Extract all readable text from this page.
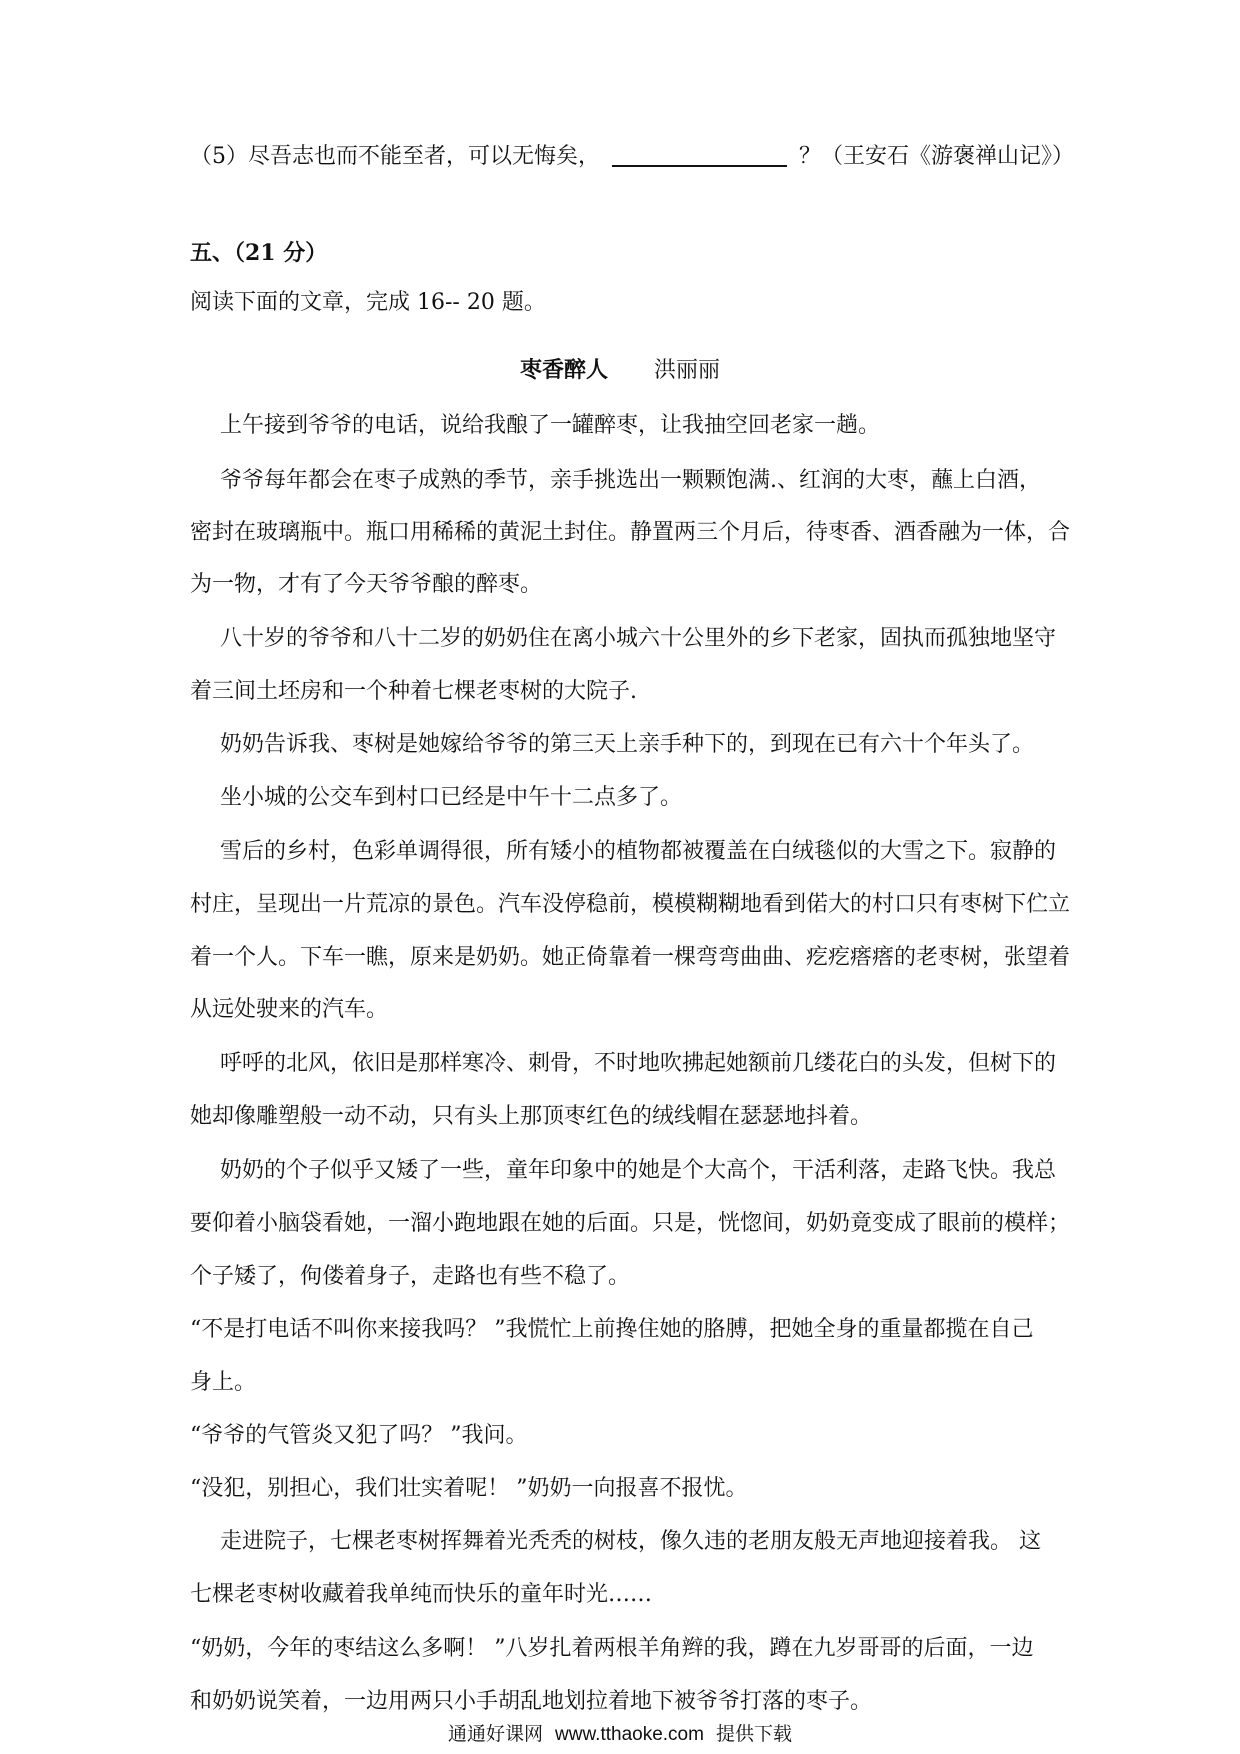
（5）尽吾志也而不能至者，可以无悔矣，	？（王安石《游褒禅山记》）
五、（21 分）
阅读下面的文章，完成 16-- 20 题。
枣香醉人 洪丽丽
上午接到爷爷的电话，说给我酿了一罐醉枣，让我抽空回老家一趟。
爷爷每年都会在枣子成熟的季节，亲手挑选出一颗颗饱满.、红润的大枣，蘸上白酒，
密封在玻璃瓶中。瓶口用稀稀的黄泥土封住。静置两三个月后，待枣香、酒香融为一体，合
为一物，才有了今天爷爷酿的醉枣。
八十岁的爷爷和八十二岁的奶奶住在离小城六十公里外的乡下老家，固执而孤独地坚守
着三间土坯房和一个种着七棵老枣树的大院子.
奶奶告诉我、枣树是她嫁给爷爷的第三天上亲手种下的，到现在已有六十个年头了。
坐小城的公交车到村口已经是中午十二点多了。
雪后的乡村，色彩单调得很，所有矮小的植物都被覆盖在白绒毯似的大雪之下。寂静的
村庄，呈现出一片荒凉的景色。汽车没停稳前，模模糊糊地看到偌大的村口只有枣树下伫立
着一个人。下车一瞧，原来是奶奶。她正倚靠着一棵弯弯曲曲、疙疙瘩瘩的老枣树，张望着
从远处驶来的汽车。
呼呼的北风，依旧是那样寒冷、刺骨，不时地吹拂起她额前几缕花白的头发，但树下的
她却像雕塑般一动不动，只有头上那顶枣红色的绒线帽在瑟瑟地抖着。
奶奶的个子似乎又矮了一些，童年印象中的她是个大高个，干活利落，走路飞快。我总
要仰着小脑袋看她，一溜小跑地跟在她的后面。只是，恍惚间，奶奶竟变成了眼前的模样；
个子矮了，佝偻着身子，走路也有些不稳了。
“不是打电话不叫你来接我吗？ ”我慌忙上前搀住她的胳膊，把她全身的重量都揽在自己
身上。
“爷爷的气管炎又犯了吗？ ”我问。
“没犯，别担心，我们壮实着呢！ ”奶奶一向报喜不报忧。
走进院子，七棵老枣树挥舞着光秃秃的树枝，像久违的老朋友般无声地迎接着我。 这
七棵老枣树收藏着我单纯而快乐的童年时光……
“奶奶，今年的枣结这么多啊！ ”八岁扎着两根羊角辫的我，蹲在九岁哥哥的后面，一边
和奶奶说笑着，一边用两只小手胡乱地划拉着地下被爷爷打落的枣子。
通通好课网 www.tthaoke.com 提供下载
